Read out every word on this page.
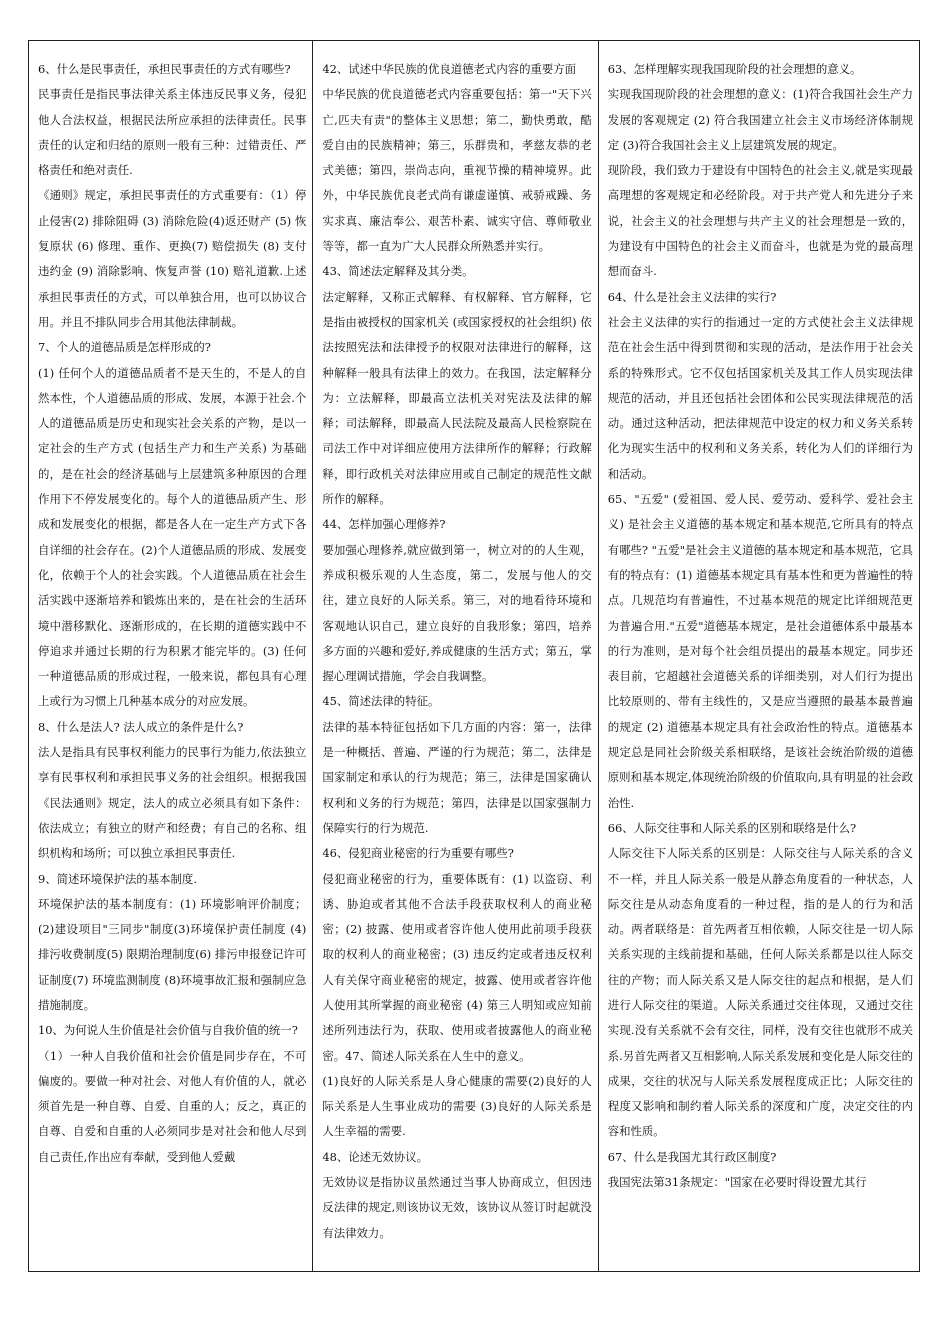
6、什么是民事责任，承担民事责任的方式有哪些?

民事责任是指民事法律关系主体违反民事义务，侵犯他人合法权益，根据民法所应承担的法律责任。民事责任的认定和归结的原则一般有三种：过错责任、严格责任和绝对责任.

《通则》规定，承担民事责任的方式重要有：（1）停止侵害(2) 排除阻碍 (3) 消除危险(4)返还财产 (5) 恢复原状 (6) 修理、重作、更换(7) 赔偿损失 (8) 支付违约金 (9) 消除影响、恢复声誉 (10) 赔礼道歉.上述承担民事责任的方式，可以单独合用，也可以协议合用。并且不排队同步合用其他法律制裁。

7、个人的道德品质是怎样形成的?

(1) 任何个人的道德品质者不是天生的，不是人的自然本性，个人道德品质的形成、发展，本源于社会.个人的道德品质是历史和现实社会关系的产物，是以一定社会的生产方式 (包括生产力和生产关系) 为基础的，是在社会的经济基础与上层建筑多种原因的合理作用下不停发展变化的。每个人的道德品质产生、形成和发展变化的根据，都是各人在一定生产方式下各自详细的社会存在。(2)个人道德品质的形成、发展变化，依赖于个人的社会实践。个人道德品质在社会生活实践中逐渐培养和锻炼出来的，是在社会的生活环境中潜移默化、逐渐形成的，在长期的道德实践中不停追求并通过长期的行为积累才能完毕的。(3) 任何一种道德品质的形成过程，一般来说，都包具有心理上或行为习惯上几种基本成分的对应发展。

8、什么是法人? 法人成立的条件是什么?

法人是指具有民事权利能力的民事行为能力,依法独立享有民事权利和承担民事义务的社会组织。根据我国《民法通则》规定，法人的成立必须具有如下条件：依法成立；有独立的财产和经费；有自己的名称、组织机构和场所；可以独立承担民事责任.

9、简述环境保护法的基本制度.

环境保护法的基本制度有：(1) 环境影响评价制度；(2)建设项目"三同步"制度(3)环境保护责任制度 (4) 排污收费制度(5) 限期治理制度(6) 排污申报登记许可证制度(7) 环境监测制度 (8)环境事故汇报和强制应急措施制度。

10、为何说人生价值是社会价值与自我价值的统一?

（1）一种人自我价值和社会价值是同步存在，不可偏废的。要做一种对社会、对他人有价值的人，就必须首先是一种自尊、自爱、自重的人；反之，真正的自尊、自爱和自重的人必须同步是对社会和他人尽到自己责任,作出应有奉献，受到他人爱戴

42、试述中华民族的优良道德老式内容的重要方面

中华民族的优良道德老式内容重要包括：第一"天下兴亡,匹夫有责"的整体主义思想；第二，勤快勇敢，酷爱自由的民族精神；第三，乐群贵和，孝慈友恭的老式美德；第四，崇尚志向，重视节操的精神境界。此外，中华民族优良老式尚有谦虚谨慎、戒骄戒躁、务实求真、廉洁奉公、艰苦朴素、诚实守信、尊师敬业等等，都一直为广大人民群众所熟悉并实行。

43、简述法定解释及其分类。

法定解释，又称正式解释、有权解释、官方解释，它是指由被授权的国家机关 (或国家授权的社会组织) 依法按照宪法和法律授予的权限对法律进行的解释，这种解释一般具有法律上的效力。在我国，法定解释分为：立法解释，即最高立法机关对宪法及法律的解释；司法解释，即最高人民法院及最高人民检察院在司法工作中对详细应使用方法律所作的解释；行政解释，即行政机关对法律应用或自己制定的规范性文献所作的解释。

44、怎样加强心理修养?

要加强心理修养,就应做到第一，树立对的的人生观，养成积极乐观的人生态度，第二，发展与他人的交往，建立良好的人际关系。第三，对的地看待环境和客观地认识自己，建立良好的自我形象；第四，培养多方面的兴趣和爱好,养成健康的生活方式；第五，掌握心理调试措施，学会自我调整。

45、简述法律的特征。

法律的基本特征包括如下几方面的内容：第一，法律是一种概括、普遍、严谨的行为规范；第二，法律是国家制定和承认的行为规范；第三，法律是国家确认权利和义务的行为规范；第四，法律是以国家强制力保障实行的行为规范.

46、侵犯商业秘密的行为重要有哪些?

侵犯商业秘密的行为，重要体既有：(1) 以盗窃、利诱、胁迫或者其他不合法手段获取权利人的商业秘密；(2) 披露、使用或者容许他人使用此前项手段获取的权利人的商业秘密；(3) 违反约定或者违反权利人有关保守商业秘密的规定，披露、使用或者容许他人使用其所掌握的商业秘密 (4) 第三人明知或应知前述所列违法行为，获取、使用或者披露他人的商业秘密。47、简述人际关系在人生中的意义。

(1)良好的人际关系是人身心健康的需要(2)良好的人际关系是人生事业成功的需要 (3)良好的人际关系是人生幸福的需要.

48、论述无效协议。

无效协议是指协议虽然通过当事人协商成立，但因违反法律的规定,则该协议无效，该协议从签订时起就没有法律效力。

63、怎样理解实现我国现阶段的社会理想的意义。

实现我国现阶段的社会理想的意义：(1)符合我国社会生产力发展的客观规定 (2) 符合我国建立社会主义市场经济体制规定 (3)符合我国社会主义上层建筑发展的规定。

现阶段，我们致力于建设有中国特色的社会主义,就是实现最高理想的客观规定和必经阶段。对于共产党人和先进分子来说，社会主义的社会理想与共产主义的社会理想是一致的，为建设有中国特色的社会主义而奋斗，也就是为党的最高理想而奋斗.

64、什么是社会主义法律的实行?

社会主义法律的实行的指通过一定的方式使社会主义法律规范在社会生活中得到贯彻和实现的活动，是法作用于社会关系的特殊形式。它不仅包括国家机关及其工作人员实现法律规范的活动，并且还包括社会团体和公民实现法律规范的活动。通过这种活动，把法律规范中设定的权力和义务关系转化为现实生活中的权利和义务关系，转化为人们的详细行为和活动。

65、"五爱" (爱祖国、爱人民、爱劳动、爱科学、爱社会主义) 是社会主义道德的基本规定和基本规范,它所具有的特点有哪些? "五爱"是社会主义道德的基本规定和基本规范，它具有的特点有：(1) 道德基本规定具有基本性和更为普遍性的特点。几规范均有普遍性，不过基本规范的规定比详细规范更为普遍合用."五爱"道德基本规定，是社会道德体系中最基本的行为准则，是对每个社会组员提出的最基本规定。同步还表目前，它超越社会道德关系的详细类别，对人们行为提出比较原则的、带有主线性的，又是应当遵照的最基本最普遍的规定 (2) 道德基本规定具有社会政治性的特点。道德基本规定总是同社会阶级关系相联络，是该社会统治阶级的道德原则和基本规定,体现统治阶级的价值取向,具有明显的社会政治性.

66、人际交往事和人际关系的区别和联络是什么?

人际交往下人际关系的区别是：人际交往与人际关系的含义不一样，并且人际关系一般是从静态角度看的一种状态，人际交往是从动态角度看的一种过程，指的是人的行为和活动。两者联络是：首先两者互相依赖，人际交往是一切人际关系实现的主线前提和基础，任何人际关系都是以往人际交往的产物；而人际关系又是人际交往的起点和根据，是人们进行人际交往的渠道。人际关系通过交往体现，又通过交往实现.没有关系就不会有交往，同样，没有交往也就形不成关系.另首先两者又互相影响,人际关系发展和变化是人际交往的成果，交往的状况与人际关系发展程度成正比；人际交往的程度又影响和制约着人际关系的深度和广度，决定交往的内容和性质。

67、什么是我国尤其行政区制度?

我国宪法第31条规定："国家在必要时得设置尤其行
